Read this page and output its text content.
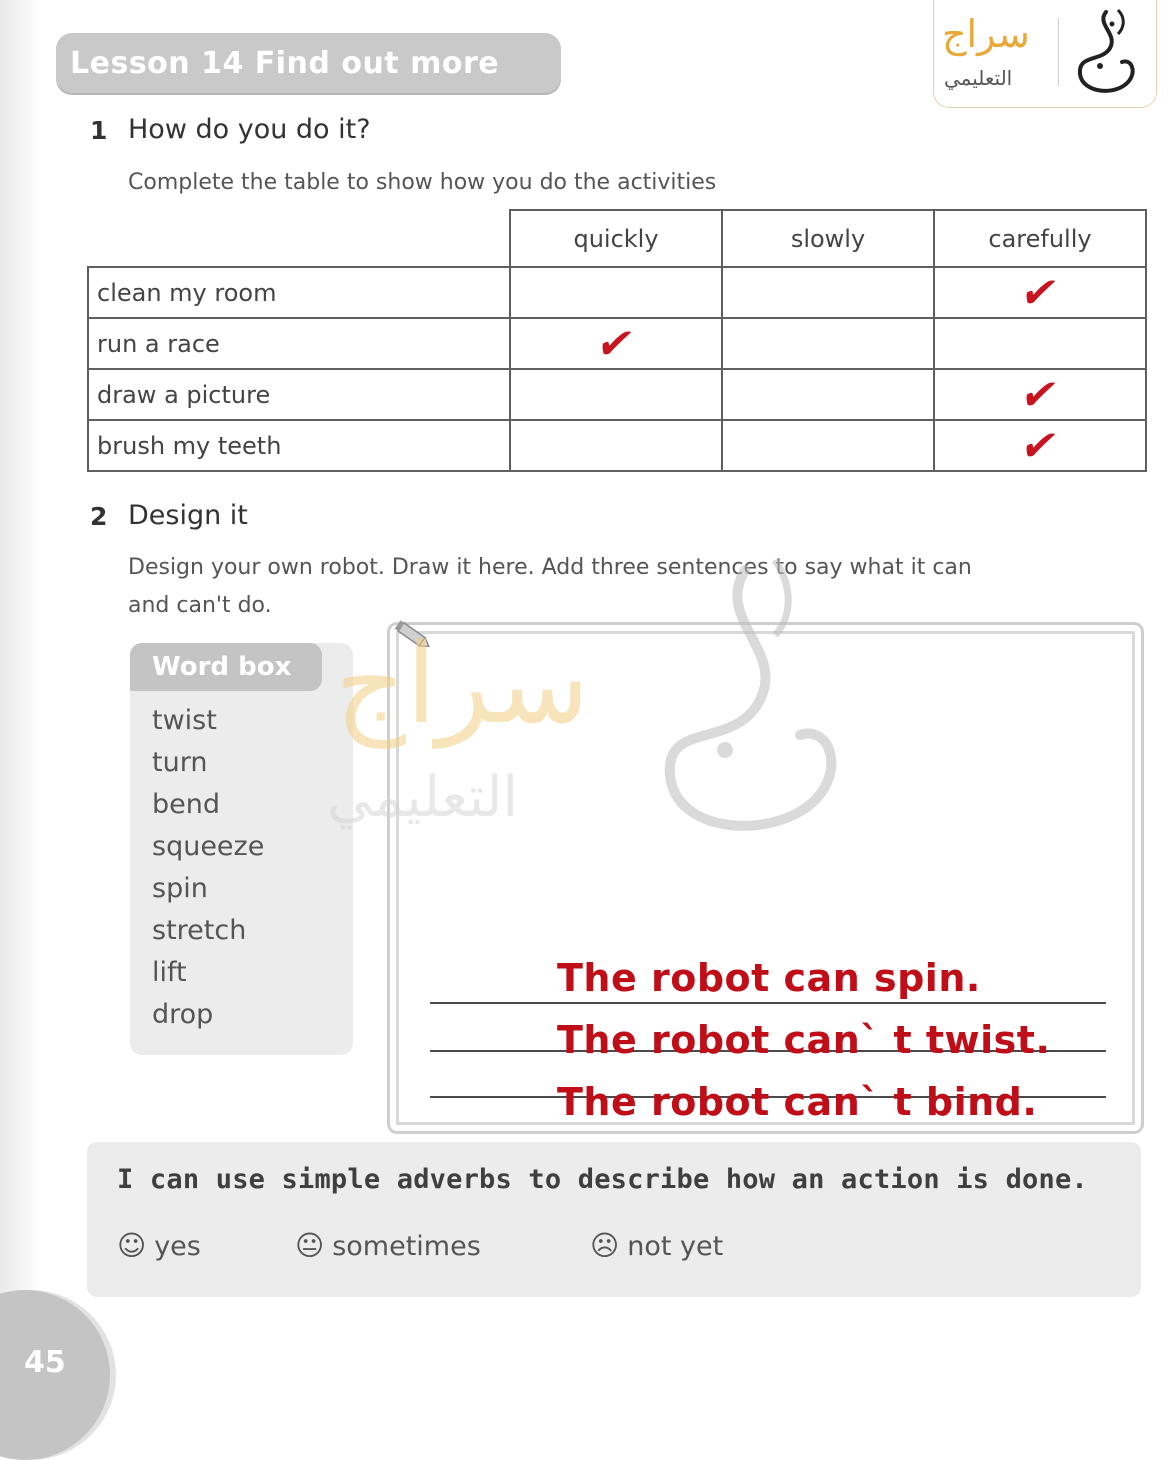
Lesson 14 Find out more
سراج
التعليمي
1 How do you do it?
Complete the table to show how you do the activities
	quickly	slowly	carefully
clean my room			✔
run a race	✔		
draw a picture			✔
brush my teeth			✔
2 Design it
Design your own robot. Draw it here. Add three sentences to say what it can
and can't do.
Word box
twist
turn
bend
squeeze
spin
stretch
lift
drop
سراج
التعليمي
The robot can spin.
The robot can` t twist.
The robot can` t bind.
I can use simple adverbs to describe how an action is done.
☺ yes	😐 sometimes	☹ not yet
45
